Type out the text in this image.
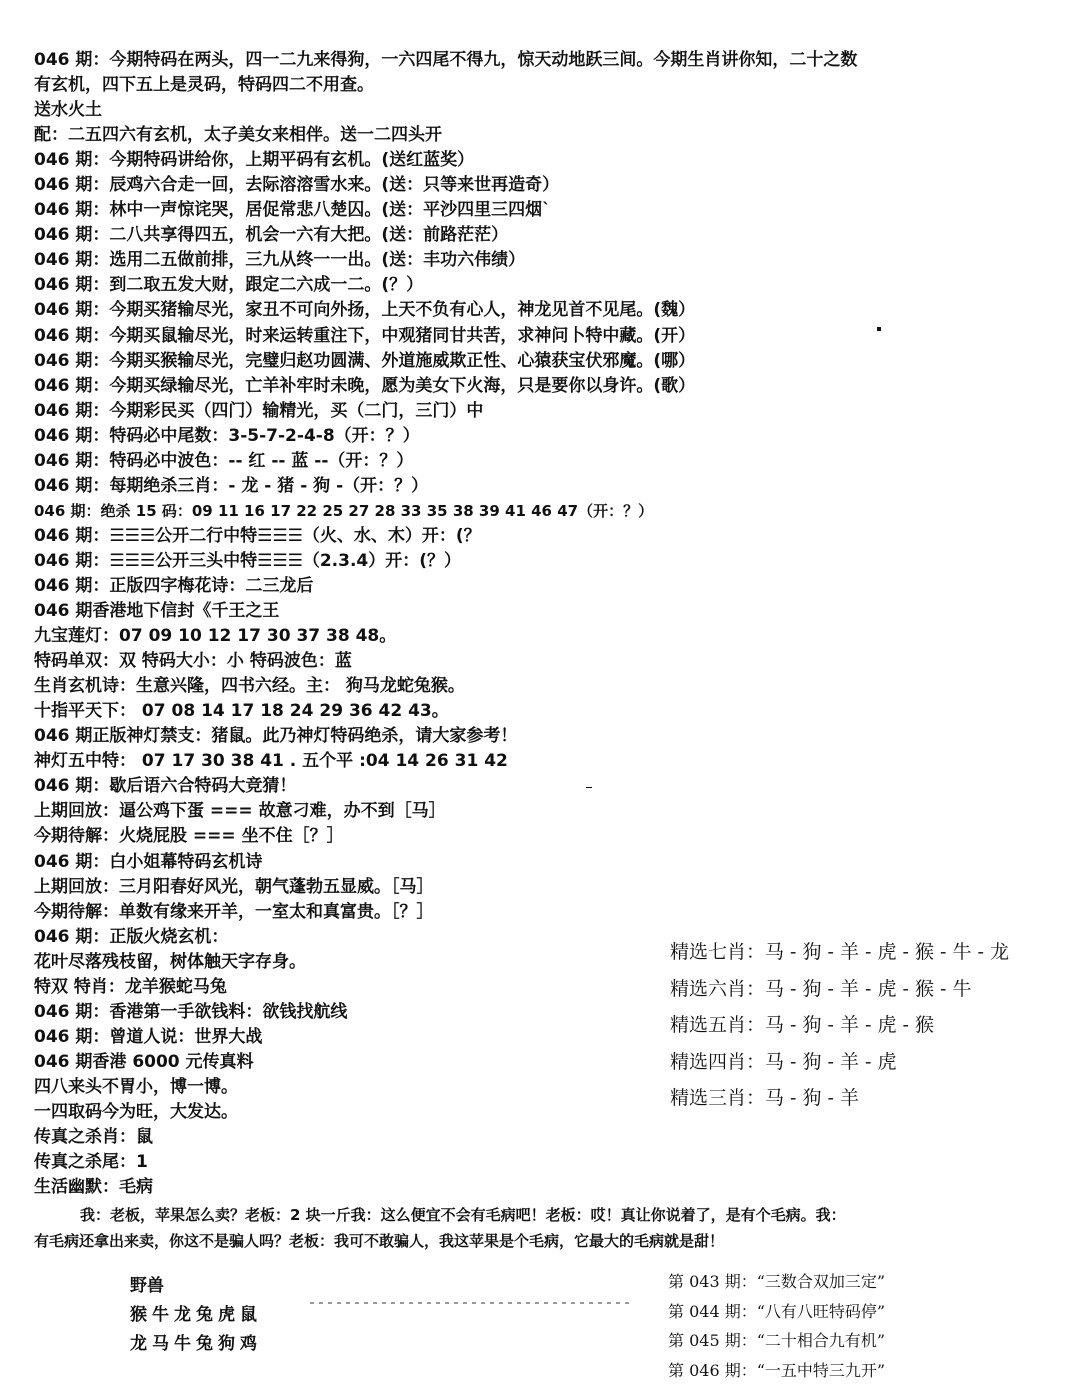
046 期：今期特码在两头，四一二九来得狗，一六四尾不得九，惊天动地跃三间。今期生肖讲你知，二十之数
有玄机，四下五上是灵码，特码四二不用查。
送水火土
配：二五四六有玄机，太子美女来相伴。送一二四头开
046 期：今期特码讲给你，上期平码有玄机。(送红蓝奖）
046 期：辰鸡六合走一回，去际溶溶雪水来。(送：只等来世再造奇）
046 期：林中一声惊诧哭，居促常悲八楚囚。(送：平沙四里三四烟`
046 期：二八共享得四五，机会一六有大把。(送：前路茫茫）
046 期：选用二五做前排，三九从终一一出。(送：丰功六伟绩）
046 期：到二取五发大财，跟定二六成一二。(？）
046 期：今期买猪输尽光，家丑不可向外扬，上天不负有心人，神龙见首不见尾。(魏）
046 期：今期买鼠输尽光，时来运转重注下，中观猪同甘共苦，求神问卜特中藏。(开）
046 期：今期买猴输尽光，完璧归赵功圆满、外道施威欺正性、心猿获宝伏邪魔。(哪）
046 期：今期买绿输尽光，亡羊补牢时未晚，愿为美女下火海，只是要你以身许。(歌）
046 期：今期彩民买（四门）输精光，买（二门，三门）中
046 期：特码必中尾数：3-5-7-2-4-8（开：？）
046 期：特码必中波色：-- 红 -- 蓝 --（开：？）
046 期：每期绝杀三肖：- 龙 - 猪 - 狗 -（开：？）
046 期：绝杀 15 码：09 11 16 17 22 25 27 28 33 35 38 39 41 46 47（开：？）
046 期：☰☰☰公开二行中特☰☰☰（火、水、木）开：(？
046 期：☰☰☰公开三头中特☰☰☰（2.3.4）开：(？）
046 期：正版四字梅花诗：二三龙后
046 期香港地下信封《千王之王
九宝莲灯：07 09 10 12 17 30 37 38 48。
特码单双：双 特码大小：小 特码波色：蓝
生肖玄机诗：生意兴隆，四书六经。主： 狗马龙蛇兔猴。
十指平天下： 07 08 14 17 18 24 29 36 42 43。
046 期正版神灯禁支：猪鼠。此乃神灯特码绝杀，请大家参考！
神灯五中特： 07 17 30 38 41 . 五个平 :04 14 26 31 42
046 期：歇后语六合特码大竞猜！
上期回放：逼公鸡下蛋 === 故意刁难，办不到［马］
今期待解：火烧屁股 === 坐不住［？］
046 期：白小姐幕特码玄机诗
上期回放：三月阳春好风光，朝气蓬勃五显威。［马］
今期待解：单数有缘来开羊，一室太和真富贵。［？］
046 期：正版火烧玄机：
花叶尽落残枝留，树体触天字存身。
特双 特肖：龙羊猴蛇马兔
046 期：香港第一手欲钱料：欲钱找航线
046 期：曾道人说：世界大战
046 期香港 6000 元传真料
四八来头不胃小，博一博。
一四取码今为旺，大发达。
传真之杀肖：鼠
传真之杀尾：1
生活幽默：毛病

我：老板，苹果怎么卖？老板：2 块一斤我：这么便宜不会有毛病吧！老板：哎！真让你说着了，是有个毛病。我：

有毛病还拿出来卖，你这不是骗人吗？老板：我可不敢骗人，我这苹果是个毛病，它最大的毛病就是甜！

精选七肖：马 - 狗 - 羊 - 虎 - 猴 - 牛 - 龙
精选六肖：马 - 狗 - 羊 - 虎 - 猴 - 牛
精选五肖：马 - 狗 - 羊 - 虎 - 猴
精选四肖：马 - 狗 - 羊 - 虎
精选三肖：马 - 狗 - 羊
野兽
猴牛龙兔虎鼠
龙马牛兔狗鸡
第 043 期：“三数合双加三定”
第 044 期：“八有八旺特码停”
第 045 期：“二十相合九有机”
第 046 期：“一五中特三九开”
